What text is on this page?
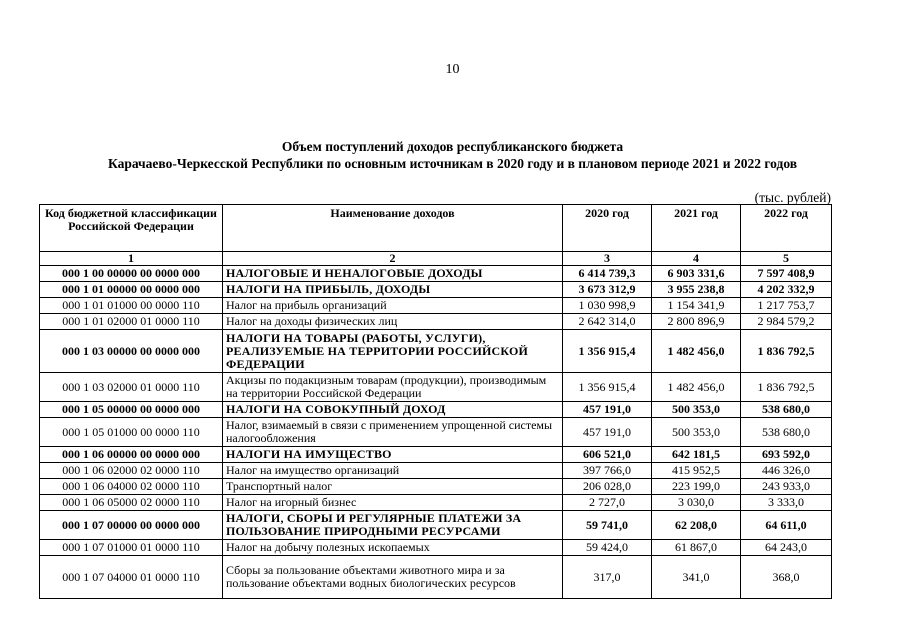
10
Объем поступлений доходов республиканского бюджета
Карачаево-Черкесской Республики по основным источникам в 2020 году и в плановом периоде 2021 и 2022 годов
(тыс. рублей)
Код бюджетной классификации Российской Федерации	Наименование доходов	2020 год	2021 год	2022 год
1	2	3	4	5
000 1 00 00000 00 0000 000	НАЛОГОВЫЕ И НЕНАЛОГОВЫЕ ДОХОДЫ	6 414 739,3	6 903 331,6	7 597 408,9
000 1 01 00000 00 0000 000	НАЛОГИ НА ПРИБЫЛЬ, ДОХОДЫ	3 673 312,9	3 955 238,8	4 202 332,9
000 1 01 01000 00 0000 110	Налог на прибыль организаций	1 030 998,9	1 154 341,9	1 217 753,7
000 1 01 02000 01 0000 110	Налог на доходы физических лиц	2 642 314,0	2 800 896,9	2 984 579,2
000 1 03 00000 00 0000 000	НАЛОГИ НА ТОВАРЫ (РАБОТЫ, УСЛУГИ), РЕАЛИЗУЕМЫЕ НА ТЕРРИТОРИИ РОССИЙСКОЙ ФЕДЕРАЦИИ	1 356 915,4	1 482 456,0	1 836 792,5
000 1 03 02000 01 0000 110	Акцизы по подакцизным товарам (продукции), производимым на территории Российской Федерации	1 356 915,4	1 482 456,0	1 836 792,5
000 1 05 00000 00 0000 000	НАЛОГИ НА СОВОКУПНЫЙ ДОХОД	457 191,0	500 353,0	538 680,0
000 1 05 01000 00 0000 110	Налог, взимаемый в связи с применением упрощенной системы налогообложения	457 191,0	500 353,0	538 680,0
000 1 06 00000 00 0000 000	НАЛОГИ НА ИМУЩЕСТВО	606 521,0	642 181,5	693 592,0
000 1 06 02000 02 0000 110	Налог на имущество организаций	397 766,0	415 952,5	446 326,0
000 1 06 04000 02 0000 110	Транспортный налог	206 028,0	223 199,0	243 933,0
000 1 06 05000 02 0000 110	Налог на игорный бизнес	2 727,0	3 030,0	3 333,0
000 1 07 00000 00 0000 000	НАЛОГИ, СБОРЫ И РЕГУЛЯРНЫЕ ПЛАТЕЖИ ЗА ПОЛЬЗОВАНИЕ ПРИРОДНЫМИ РЕСУРСАМИ	59 741,0	62 208,0	64 611,0
000 1 07 01000 01 0000 110	Налог на добычу полезных ископаемых	59 424,0	61 867,0	64 243,0
000 1 07 04000 01 0000 110	Сборы за пользование объектами животного мира и за пользование объектами водных биологических ресурсов	317,0	341,0	368,0
